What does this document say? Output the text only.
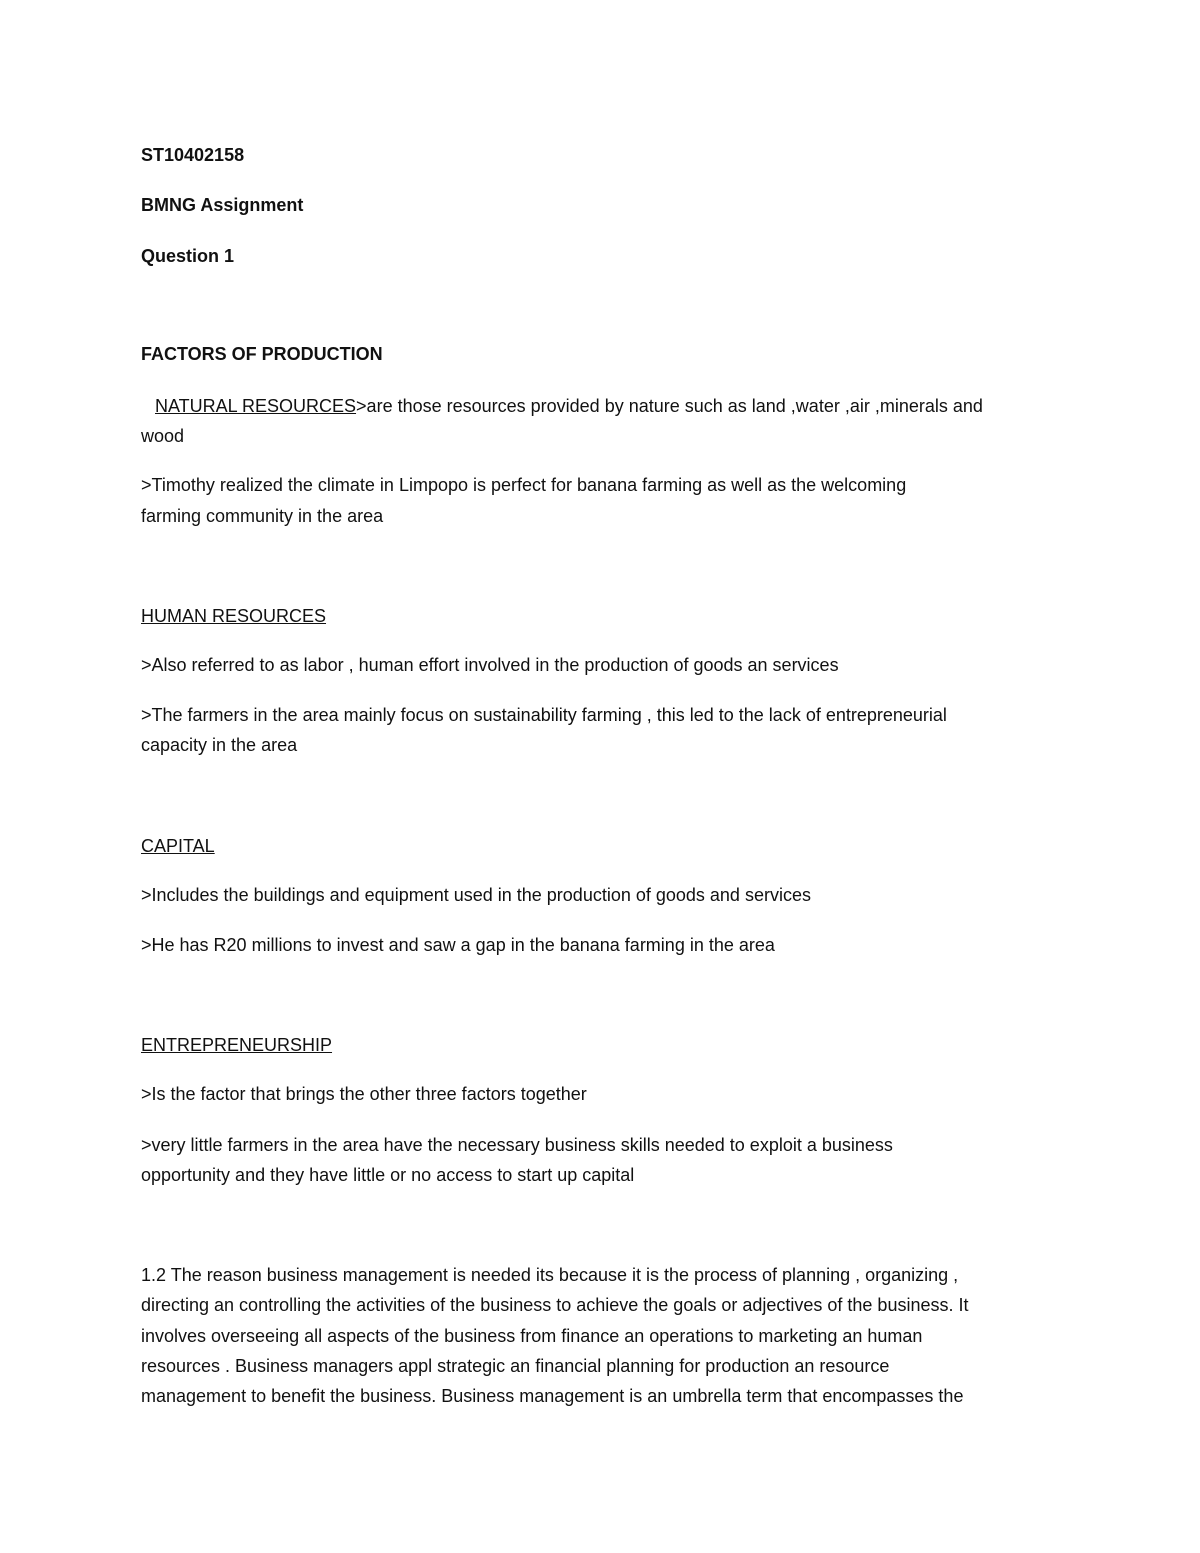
ST10402158
BMNG Assignment
Question 1
FACTORS OF PRODUCTION
NATURAL RESOURCES>are those resources provided by nature such as land ,water ,air ,minerals and
wood
>Timothy realized the climate in Limpopo is perfect for banana farming as well as the welcoming
farming community in the area
HUMAN RESOURCES
>Also referred to as labor , human effort involved in the production of goods an services
>The farmers in the area mainly focus on sustainability farming , this led to the lack of entrepreneurial
capacity in the area
CAPITAL
>Includes the buildings and equipment used in the production of goods and services
>He has R20 millions to invest and saw a gap in the banana farming in the area
ENTREPRENEURSHIP
>Is the factor that brings the other three factors together
>very little farmers in the area have the necessary business skills needed to exploit a business
opportunity and they have little or no access to start up capital
1.2 The reason business management is needed its because it is the process of planning , organizing ,
directing an controlling the activities of the business to achieve the goals or adjectives of the business. It
involves overseeing all aspects of the business from finance an operations to marketing an human
resources . Business managers appl strategic an financial planning for production an resource
management to benefit the business. Business management is an umbrella term that encompasses the
